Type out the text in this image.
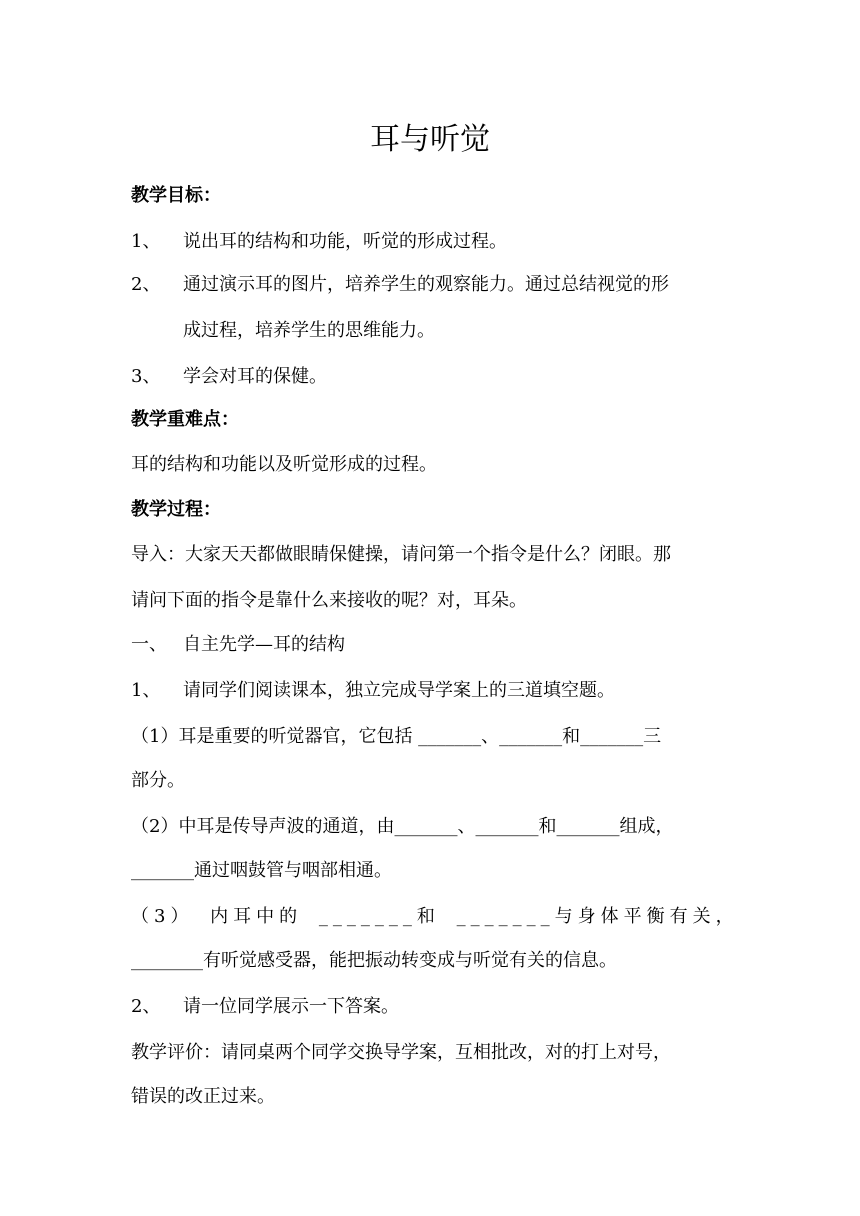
耳与听觉
教学目标：
1、 说出耳的结构和功能，听觉的形成过程。
2、 通过演示耳的图片，培养学生的观察能力。通过总结视觉的形
成过程，培养学生的思维能力。
3、 学会对耳的保健。
教学重难点：
耳的结构和功能以及听觉形成的过程。
教学过程：
导入：大家天天都做眼睛保健操，请问第一个指令是什么？闭眼。那
请问下面的指令是靠什么来接收的呢？对，耳朵。
一、 自主先学—耳的结构
1、 请同学们阅读课本，独立完成导学案上的三道填空题。
（1）耳是重要的听觉器官，它包括 _______、_______和_______三
部分。
（2）中耳是传导声波的通道，由_______、_______和_______组成，
_______通过咽鼓管与咽部相通。
（3） 内耳中的 _______和 _______与身体平衡有关，
________有听觉感受器，能把振动转变成与听觉有关的信息。
2、 请一位同学展示一下答案。
教学评价：请同桌两个同学交换导学案，互相批改，对的打上对号，
错误的改正过来。
